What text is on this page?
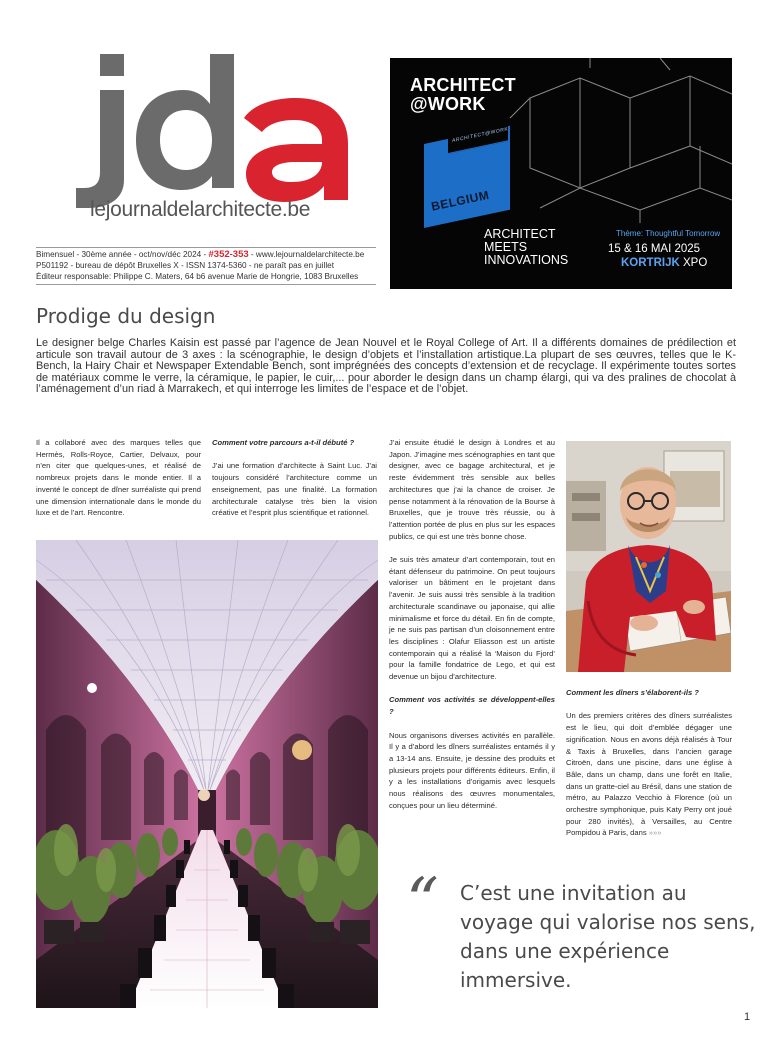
lejournaldelarchitecte.be
Bimensuel - 30ème année - oct/nov/déc 2024 - #352-353 - www.lejournaldelarchitecte.be
P501192 - bureau de dépôt Bruxelles X - ISSN 1374-5360 - ne paraît pas en juillet
Éditeur responsable: Philippe C. Maters, 64 b6 avenue Marie de Hongrie, 1083 Bruxelles
ARCHITECT
@WORK
ARCHITECT@WORK
BELGIUM
ARCHITECT
MEETS
INNOVATIONS
Thème: Thoughtful Tomorrow
15 & 16 MAI 2025
KORTRIJK XPO
Prodige du design

Le designer belge Charles Kaisin est passé par l’agence de Jean Nouvel et le Royal College of Art. Il a différents domaines de prédilection et articule son travail autour de 3 axes : la scénographie, le design d’objets et l’installation artistique.La plupart de ses œuvres, telles que le K-Bench, la Hairy Chair et Newspaper Extendable Bench, sont imprégnées des concepts d’extension et de recyclage. Il expérimente toutes sortes de matériaux comme le verre, la céramique, le papier, le cuir,... pour aborder le design dans un champ élargi, qui va des pralines de chocolat à l’aménagement d’un riad à Marrakech, et qui interroge les limites de l’espace et de l’objet.

Il a collaboré avec des marques telles que Hermès, Rolls-Royce, Cartier, Delvaux, pour n’en citer que quelques-unes, et réalisé de nombreux projets dans le monde entier. Il a inventé le concept de dîner surréaliste qui prend une dimension internationale dans le monde du luxe et de l’art. Rencontre.

Comment votre parcours a-t-il débuté ?

J’ai une formation d’architecte à Saint Luc. J’ai toujours considéré l’architecture comme un enseignement, pas une finalité. La formation architecturale catalyse très bien la vision créative et l’esprit plus scientifique et rationnel.

J’ai ensuite étudié le design à Londres et au Japon. J’imagine mes scénographies en tant que designer, avec ce bagage architectural, et je reste évidemment très sensible aux belles architectures que j’ai la chance de croiser. Je pense notamment à la rénovation de la Bourse à Bruxelles, que je trouve très réussie, ou à l’attention portée de plus en plus sur les espaces publics, ce qui est une très bonne chose.

Je suis très amateur d’art contemporain, tout en étant défenseur du patrimoine. On peut toujours valoriser un bâtiment en le projetant dans l’avenir. Je suis aussi très sensible à la tradition architecturale scandinave ou japonaise, qui allie minimalisme et force du détail. En fin de compte, je ne suis pas partisan d’un cloisonnement entre les disciplines : Olafur Eliasson est un artiste contemporain qui a réalisé la ‘Maison du Fjord’ pour la famille fondatrice de Lego, et qui est devenue un bijou d’architecture.

Comment vos activités se développent-elles ?

Nous organisons diverses activités en parallèle. Il y a d’abord les dîners surréalistes entamés il y a 13-14 ans. Ensuite, je dessine des produits et plusieurs projets pour différents éditeurs. Enfin, il y a les installations d’origamis avec lesquels nous réalisons des œuvres monumentales, conçues pour un lieu déterminé.

Comment les dîners s’élaborent-ils ?

Un des premiers critères des dîners surréalistes est le lieu, qui doit d’emblée dégager une signification. Nous en avons déjà réalisés à Tour & Taxis à Bruxelles, dans l’ancien garage Citroën, dans une piscine, dans une église à Bâle, dans un champ, dans une forêt en Italie, dans un gratte-ciel au Brésil, dans une station de métro, au Palazzo Vecchio à Florence (où un orchestre symphonique, puis Katy Perry ont joué pour 280 invités), à Versailles, au Centre Pompidou à Paris, dans »»»

“ C’est une invitation au voyage qui valorise nos sens, dans une expérience immersive.

1
